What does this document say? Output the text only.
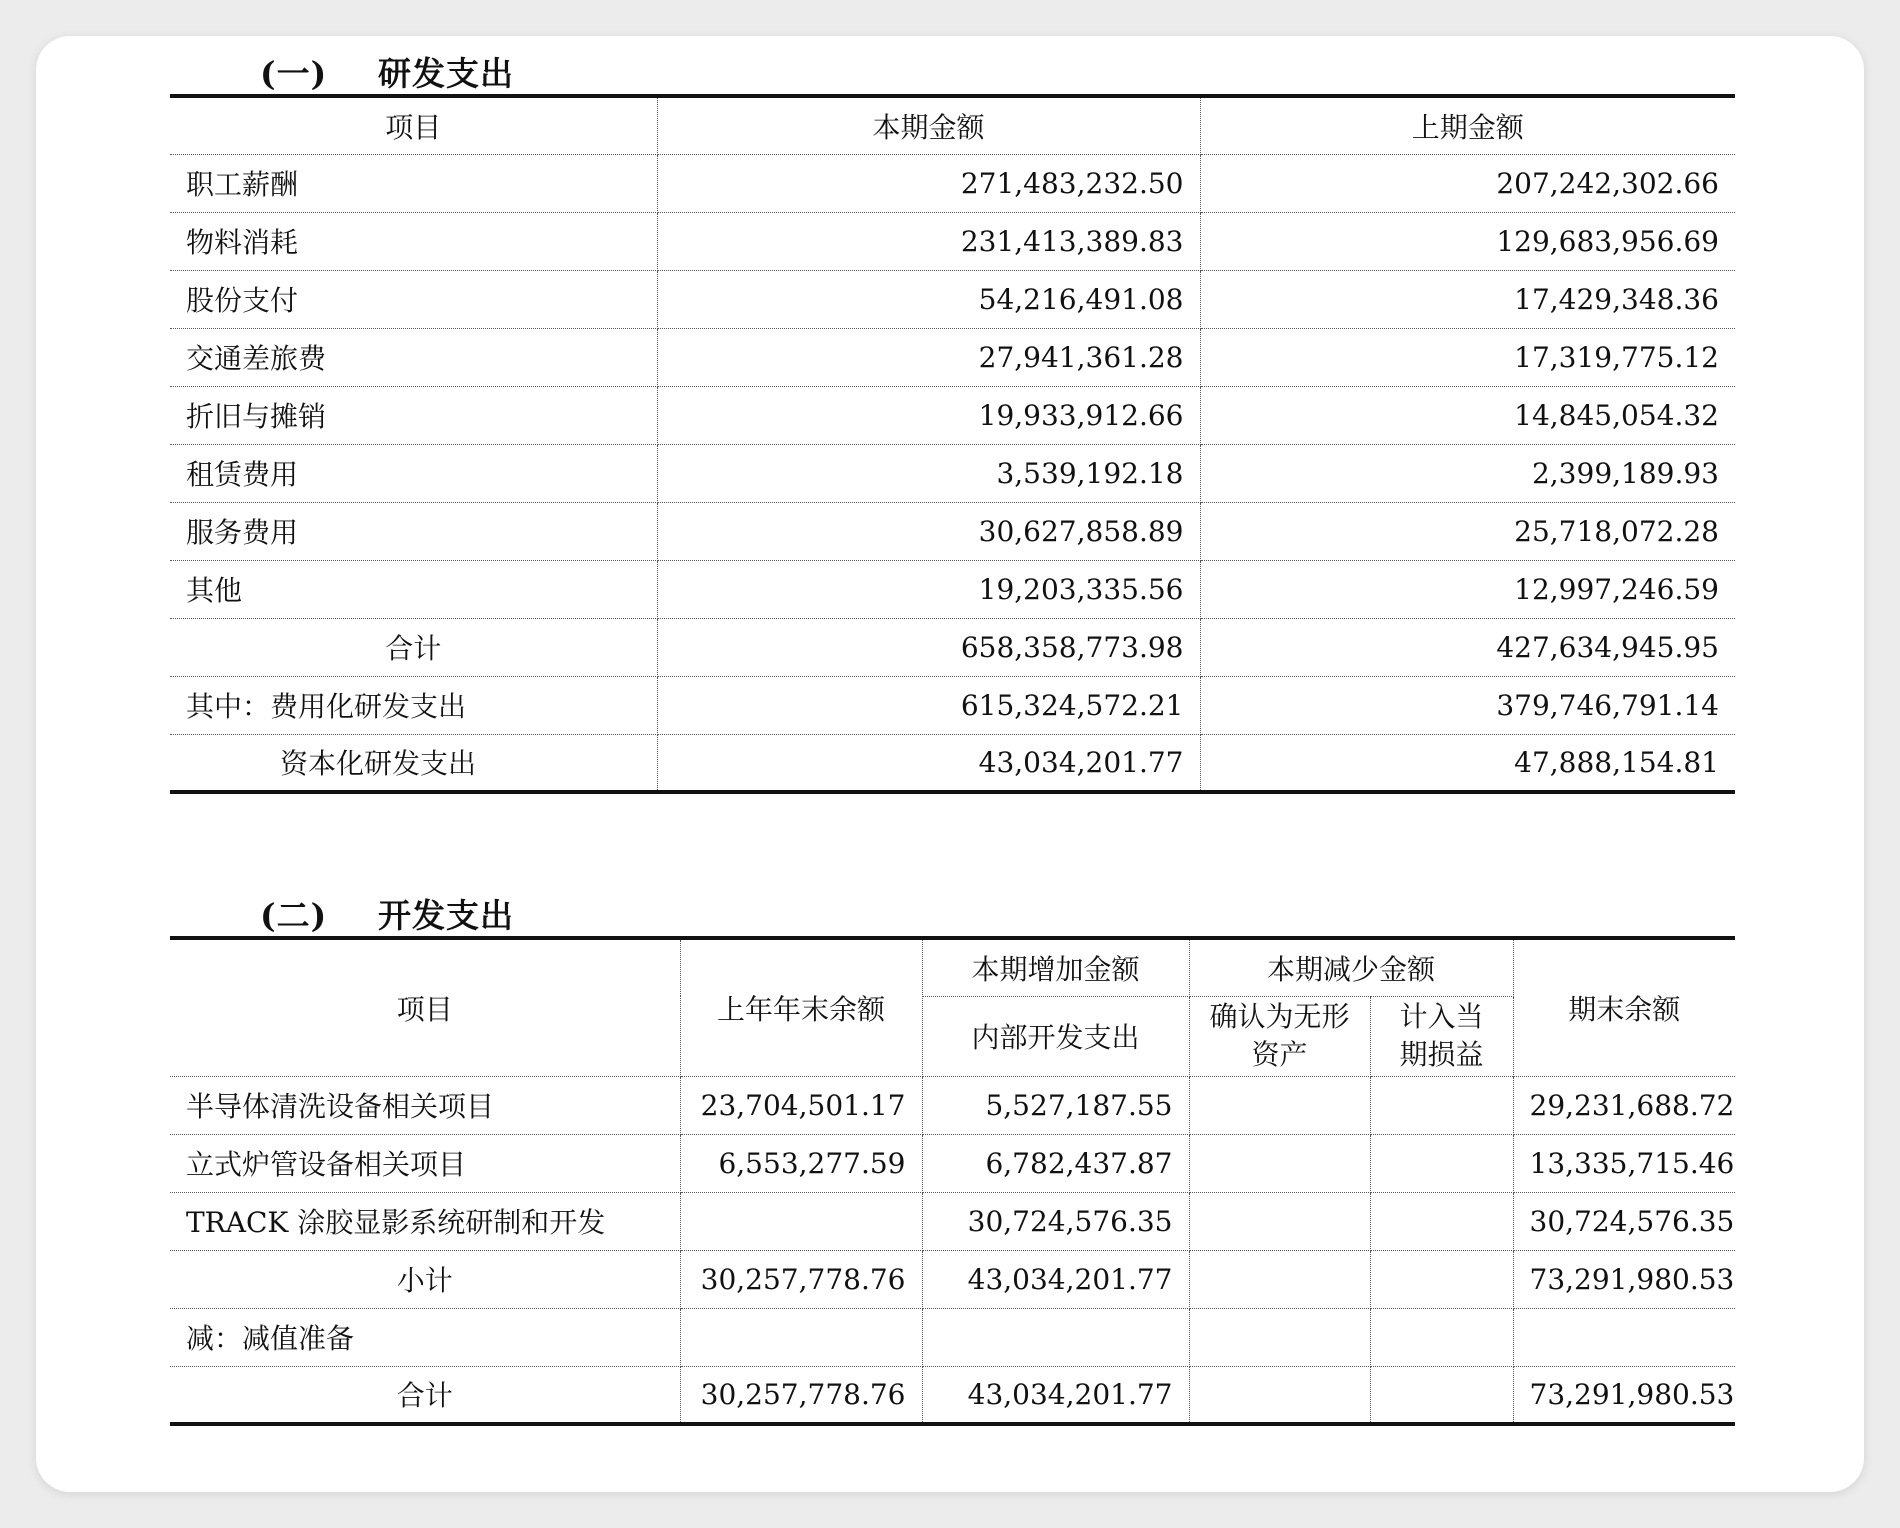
(一) 研发支出
项目	本期金额	上期金额
职工薪酬	271,483,232.50	207,242,302.66
物料消耗	231,413,389.83	129,683,956.69
股份支付	54,216,491.08	17,429,348.36
交通差旅费	27,941,361.28	17,319,775.12
折旧与摊销	19,933,912.66	14,845,054.32
租赁费用	3,539,192.18	2,399,189.93
服务费用	30,627,858.89	25,718,072.28
其他	19,203,335.56	12,997,246.59
合计	658,358,773.98	427,634,945.95
其中：费用化研发支出	615,324,572.21	379,746,791.14
资本化研发支出	43,034,201.77	47,888,154.81
(二) 开发支出
项目	上年年末余额	本期增加金额	本期减少金额		期末余额
		内部开发支出	确认为无形资产	计入当期损益	
半导体清洗设备相关项目	23,704,501.17	5,527,187.55			29,231,688.72
立式炉管设备相关项目	6,553,277.59	6,782,437.87			13,335,715.46
TRACK 涂胶显影系统研制和开发		30,724,576.35			30,724,576.35
小计	30,257,778.76	43,034,201.77			73,291,980.53
减：减值准备					
合计	30,257,778.76	43,034,201.77			73,291,980.53
